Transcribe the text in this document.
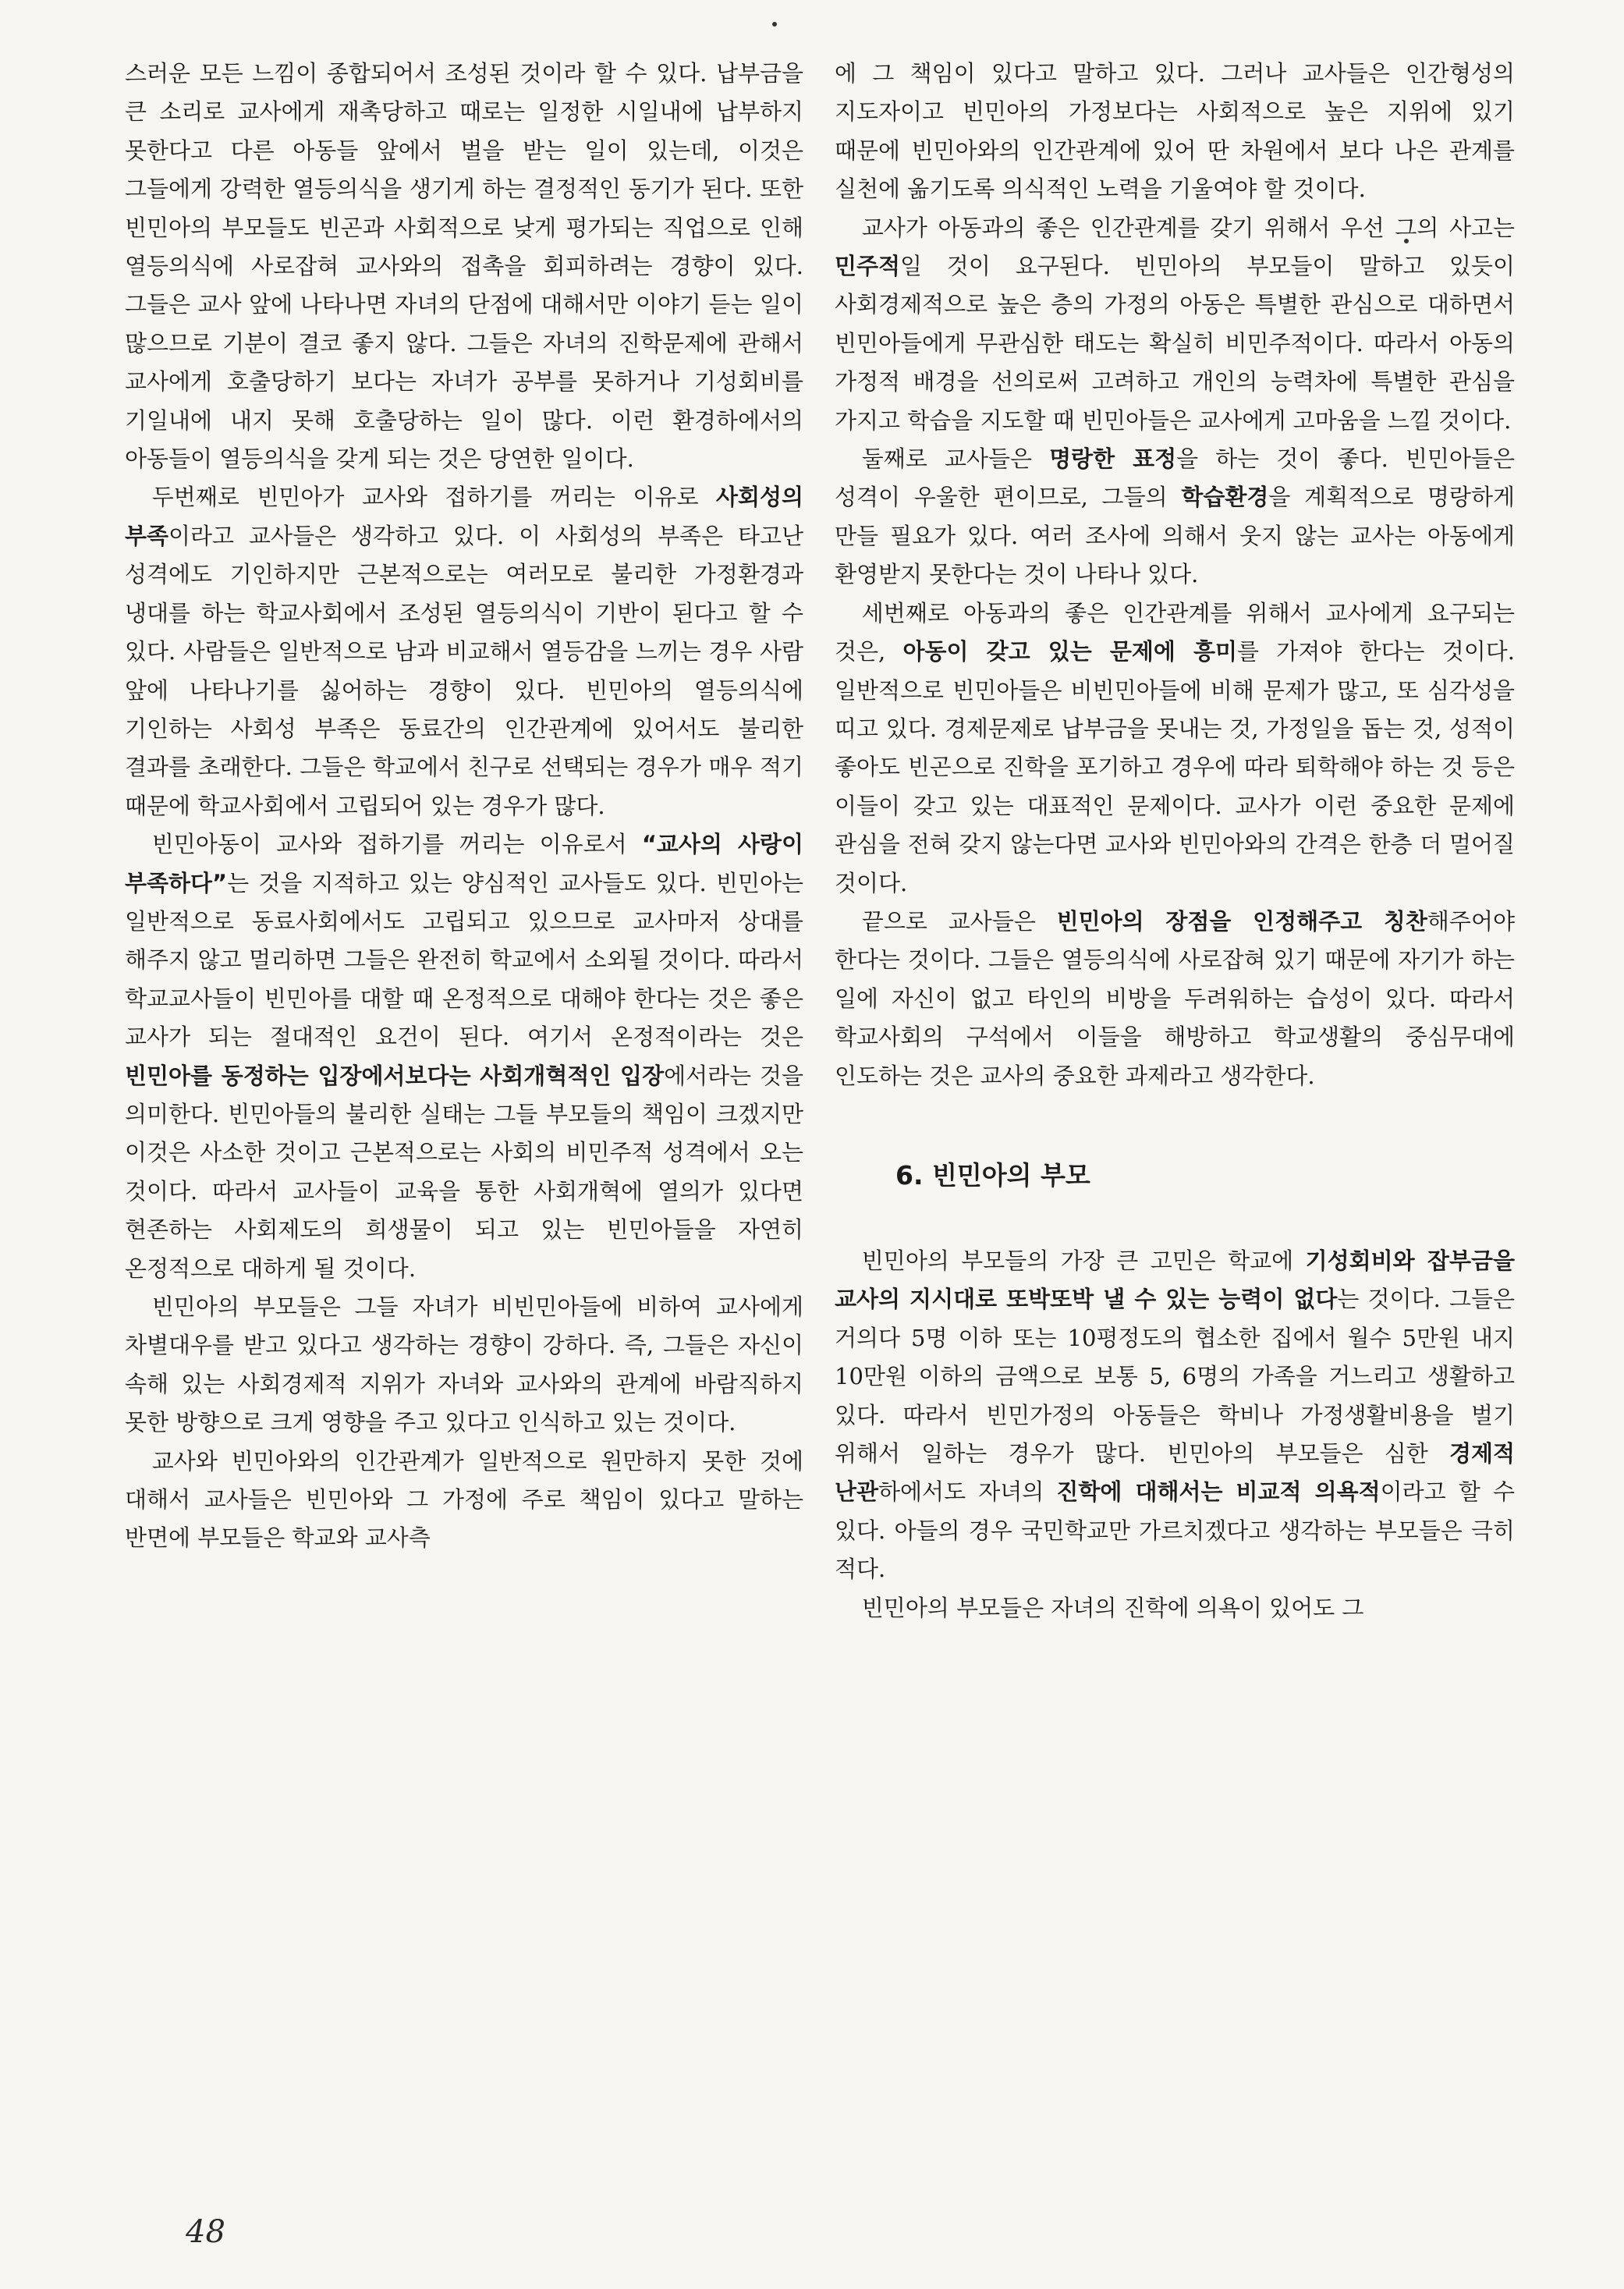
스러운 모든 느낌이 종합되어서 조성된 것이라 할 수 있다. 납부금을 큰 소리로 교사에게 재촉당하고 때로는 일정한 시일내에 납부하지 못한다고 다른 아동들 앞에서 벌을 받는 일이 있는데, 이것은 그들에게 강력한 열등의식을 생기게 하는 결정적인 동기가 된다. 또한 빈민아의 부모들도 빈곤과 사회적으로 낮게 평가되는 직업으로 인해 열등의식에 사로잡혀 교사와의 접촉을 회피하려는 경향이 있다. 그들은 교사 앞에 나타나면 자녀의 단점에 대해서만 이야기 듣는 일이 많으므로 기분이 결코 좋지 않다. 그들은 자녀의 진학문제에 관해서 교사에게 호출당하기 보다는 자녀가 공부를 못하거나 기성회비를 기일내에 내지 못해 호출당하는 일이 많다. 이런 환경하에서의 아동들이 열등의식을 갖게 되는 것은 당연한 일이다.

두번째로 빈민아가 교사와 접하기를 꺼리는 이유로 사회성의 부족이라고 교사들은 생각하고 있다. 이 사회성의 부족은 타고난 성격에도 기인하지만 근본적으로는 여러모로 불리한 가정환경과 냉대를 하는 학교사회에서 조성된 열등의식이 기반이 된다고 할 수 있다. 사람들은 일반적으로 남과 비교해서 열등감을 느끼는 경우 사람 앞에 나타나기를 싫어하는 경향이 있다. 빈민아의 열등의식에 기인하는 사회성 부족은 동료간의 인간관계에 있어서도 불리한 결과를 초래한다. 그들은 학교에서 친구로 선택되는 경우가 매우 적기 때문에 학교사회에서 고립되어 있는 경우가 많다.

빈민아동이 교사와 접하기를 꺼리는 이유로서 “교사의 사랑이 부족하다”는 것을 지적하고 있는 양심적인 교사들도 있다. 빈민아는 일반적으로 동료사회에서도 고립되고 있으므로 교사마저 상대를 해주지 않고 멀리하면 그들은 완전히 학교에서 소외될 것이다. 따라서 학교교사들이 빈민아를 대할 때 온정적으로 대해야 한다는 것은 좋은 교사가 되는 절대적인 요건이 된다. 여기서 온정적이라는 것은 빈민아를 동정하는 입장에서보다는 사회개혁적인 입장에서라는 것을 의미한다. 빈민아들의 불리한 실태는 그들 부모들의 책임이 크겠지만 이것은 사소한 것이고 근본적으로는 사회의 비민주적 성격에서 오는 것이다. 따라서 교사들이 교육을 통한 사회개혁에 열의가 있다면 현존하는 사회제도의 희생물이 되고 있는 빈민아들을 자연히 온정적으로 대하게 될 것이다.

빈민아의 부모들은 그들 자녀가 비빈민아들에 비하여 교사에게 차별대우를 받고 있다고 생각하는 경향이 강하다. 즉, 그들은 자신이 속해 있는 사회경제적 지위가 자녀와 교사와의 관계에 바람직하지 못한 방향으로 크게 영향을 주고 있다고 인식하고 있는 것이다.

교사와 빈민아와의 인간관계가 일반적으로 원만하지 못한 것에 대해서 교사들은 빈민아와 그 가정에 주로 책임이 있다고 말하는 반면에 부모들은 학교와 교사측

에 그 책임이 있다고 말하고 있다. 그러나 교사들은 인간형성의 지도자이고 빈민아의 가정보다는 사회적으로 높은 지위에 있기 때문에 빈민아와의 인간관계에 있어 딴 차원에서 보다 나은 관계를 실천에 옮기도록 의식적인 노력을 기울여야 할 것이다.

교사가 아동과의 좋은 인간관계를 갖기 위해서 우선 그의 사고는 민주적일 것이 요구된다. 빈민아의 부모들이 말하고 있듯이 사회경제적으로 높은 층의 가정의 아동은 특별한 관심으로 대하면서 빈민아들에게 무관심한 태도는 확실히 비민주적이다. 따라서 아동의 가정적 배경을 선의로써 고려하고 개인의 능력차에 특별한 관심을 가지고 학습을 지도할 때 빈민아들은 교사에게 고마움을 느낄 것이다.

둘째로 교사들은 명랑한 표정을 하는 것이 좋다. 빈민아들은 성격이 우울한 편이므로, 그들의 학습환경을 계획적으로 명랑하게 만들 필요가 있다. 여러 조사에 의해서 웃지 않는 교사는 아동에게 환영받지 못한다는 것이 나타나 있다.

세번째로 아동과의 좋은 인간관계를 위해서 교사에게 요구되는 것은, 아동이 갖고 있는 문제에 흥미를 가져야 한다는 것이다. 일반적으로 빈민아들은 비빈민아들에 비해 문제가 많고, 또 심각성을 띠고 있다. 경제문제로 납부금을 못내는 것, 가정일을 돕는 것, 성적이 좋아도 빈곤으로 진학을 포기하고 경우에 따라 퇴학해야 하는 것 등은 이들이 갖고 있는 대표적인 문제이다. 교사가 이런 중요한 문제에 관심을 전혀 갖지 않는다면 교사와 빈민아와의 간격은 한층 더 멀어질 것이다.

끝으로 교사들은 빈민아의 장점을 인정해주고 칭찬해주어야 한다는 것이다. 그들은 열등의식에 사로잡혀 있기 때문에 자기가 하는 일에 자신이 없고 타인의 비방을 두려워하는 습성이 있다. 따라서 학교사회의 구석에서 이들을 해방하고 학교생활의 중심무대에 인도하는 것은 교사의 중요한 과제라고 생각한다.

6. 빈민아의 부모

빈민아의 부모들의 가장 큰 고민은 학교에 기성회비와 잡부금을 교사의 지시대로 또박또박 낼 수 있는 능력이 없다는 것이다. 그들은 거의다 5명 이하 또는 10평정도의 협소한 집에서 월수 5만원 내지 10만원 이하의 금액으로 보통 5, 6명의 가족을 거느리고 생활하고 있다. 따라서 빈민가정의 아동들은 학비나 가정생활비용을 벌기 위해서 일하는 경우가 많다. 빈민아의 부모들은 심한 경제적 난관하에서도 자녀의 진학에 대해서는 비교적 의욕적이라고 할 수 있다. 아들의 경우 국민학교만 가르치겠다고 생각하는 부모들은 극히 적다.

빈민아의 부모들은 자녀의 진학에 의욕이 있어도 그

48
